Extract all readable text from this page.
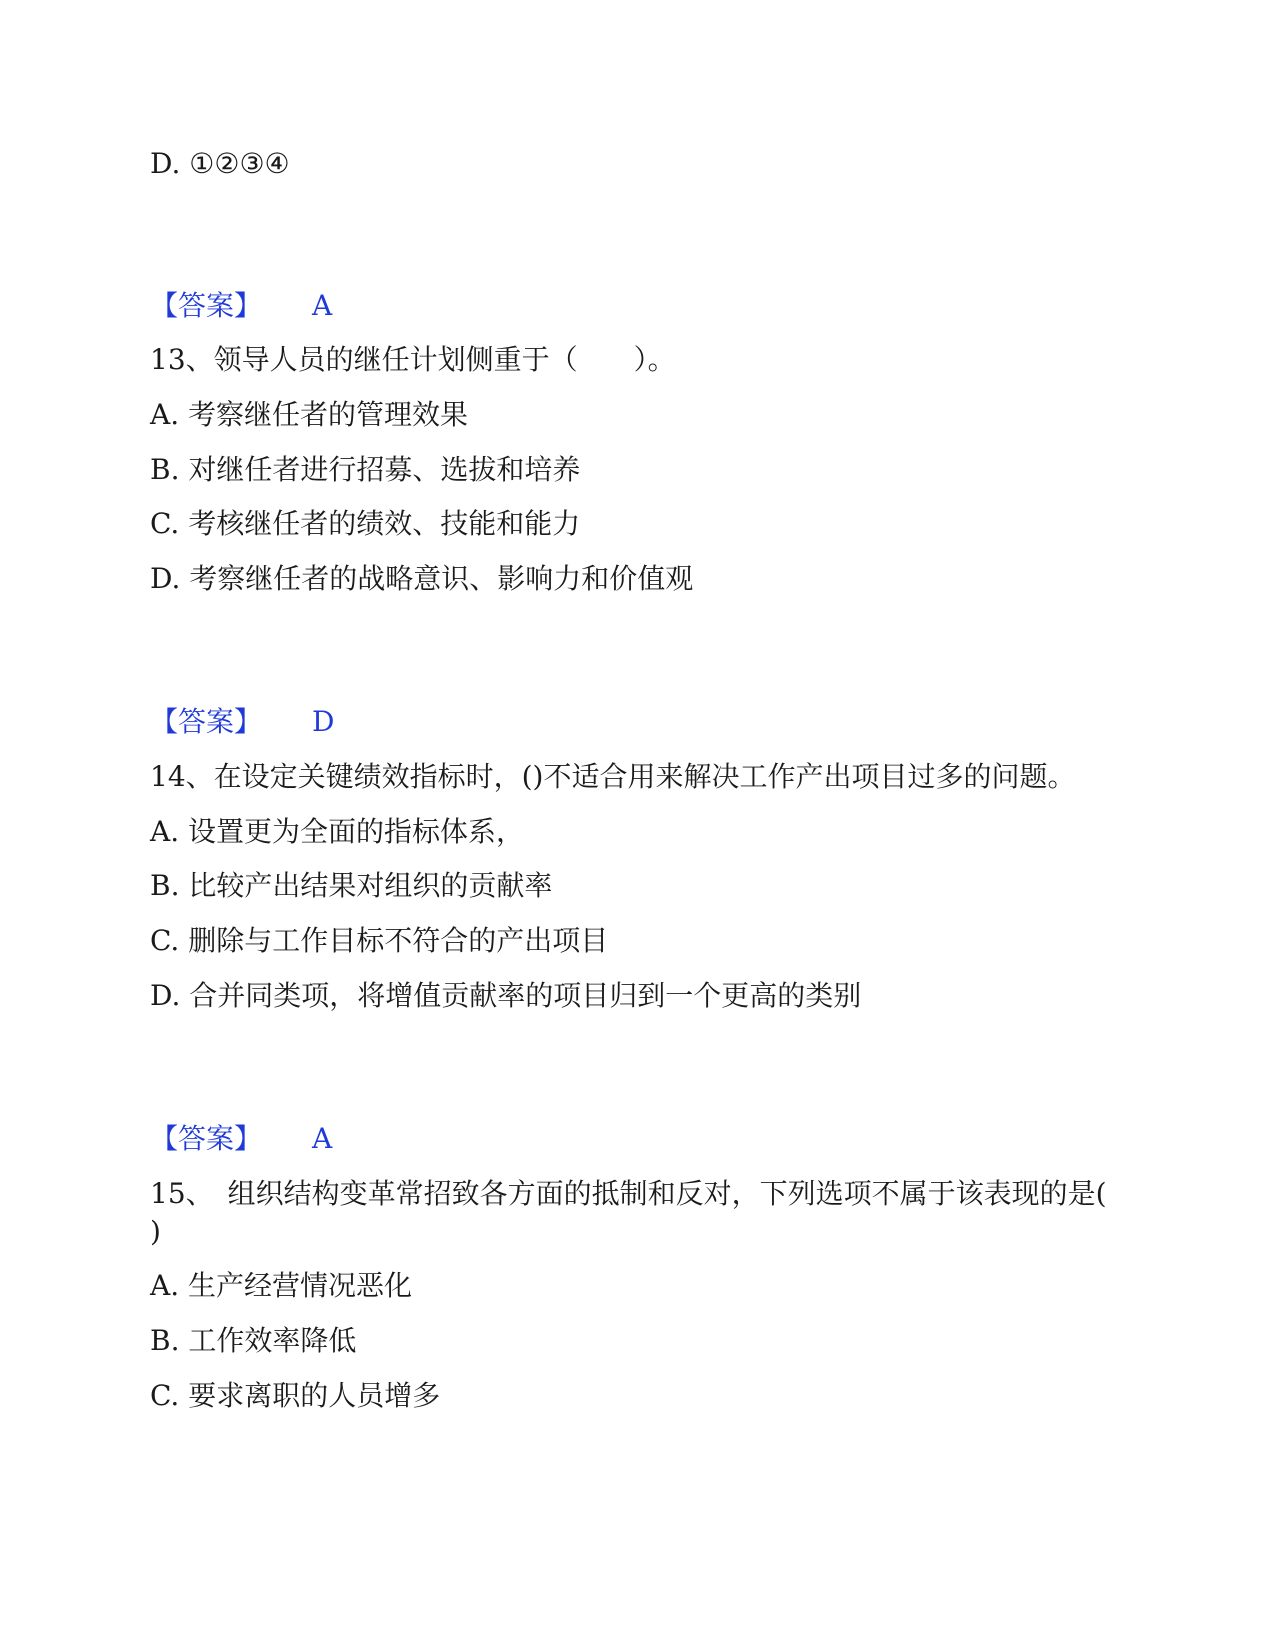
D. ①②③④
【答案】 A
13、领导人员的继任计划侧重于（　　）。
A. 考察继任者的管理效果
B. 对继任者进行招募、选拔和培养
C. 考核继任者的绩效、技能和能力
D. 考察继任者的战略意识、影响力和价值观
【答案】 D
14、在设定关键绩效指标时，()不适合用来解决工作产出项目过多的问题。
A. 设置更为全面的指标体系，
B. 比较产出结果对组织的贡献率
C. 删除与工作目标不符合的产出项目
D. 合并同类项，将增值贡献率的项目归到一个更高的类别
【答案】 A
15、　组织结构变革常招致各方面的抵制和反对，下列选项不属于该表现的是( )
A. 生产经营情况恶化
B. 工作效率降低
C. 要求离职的人员增多
